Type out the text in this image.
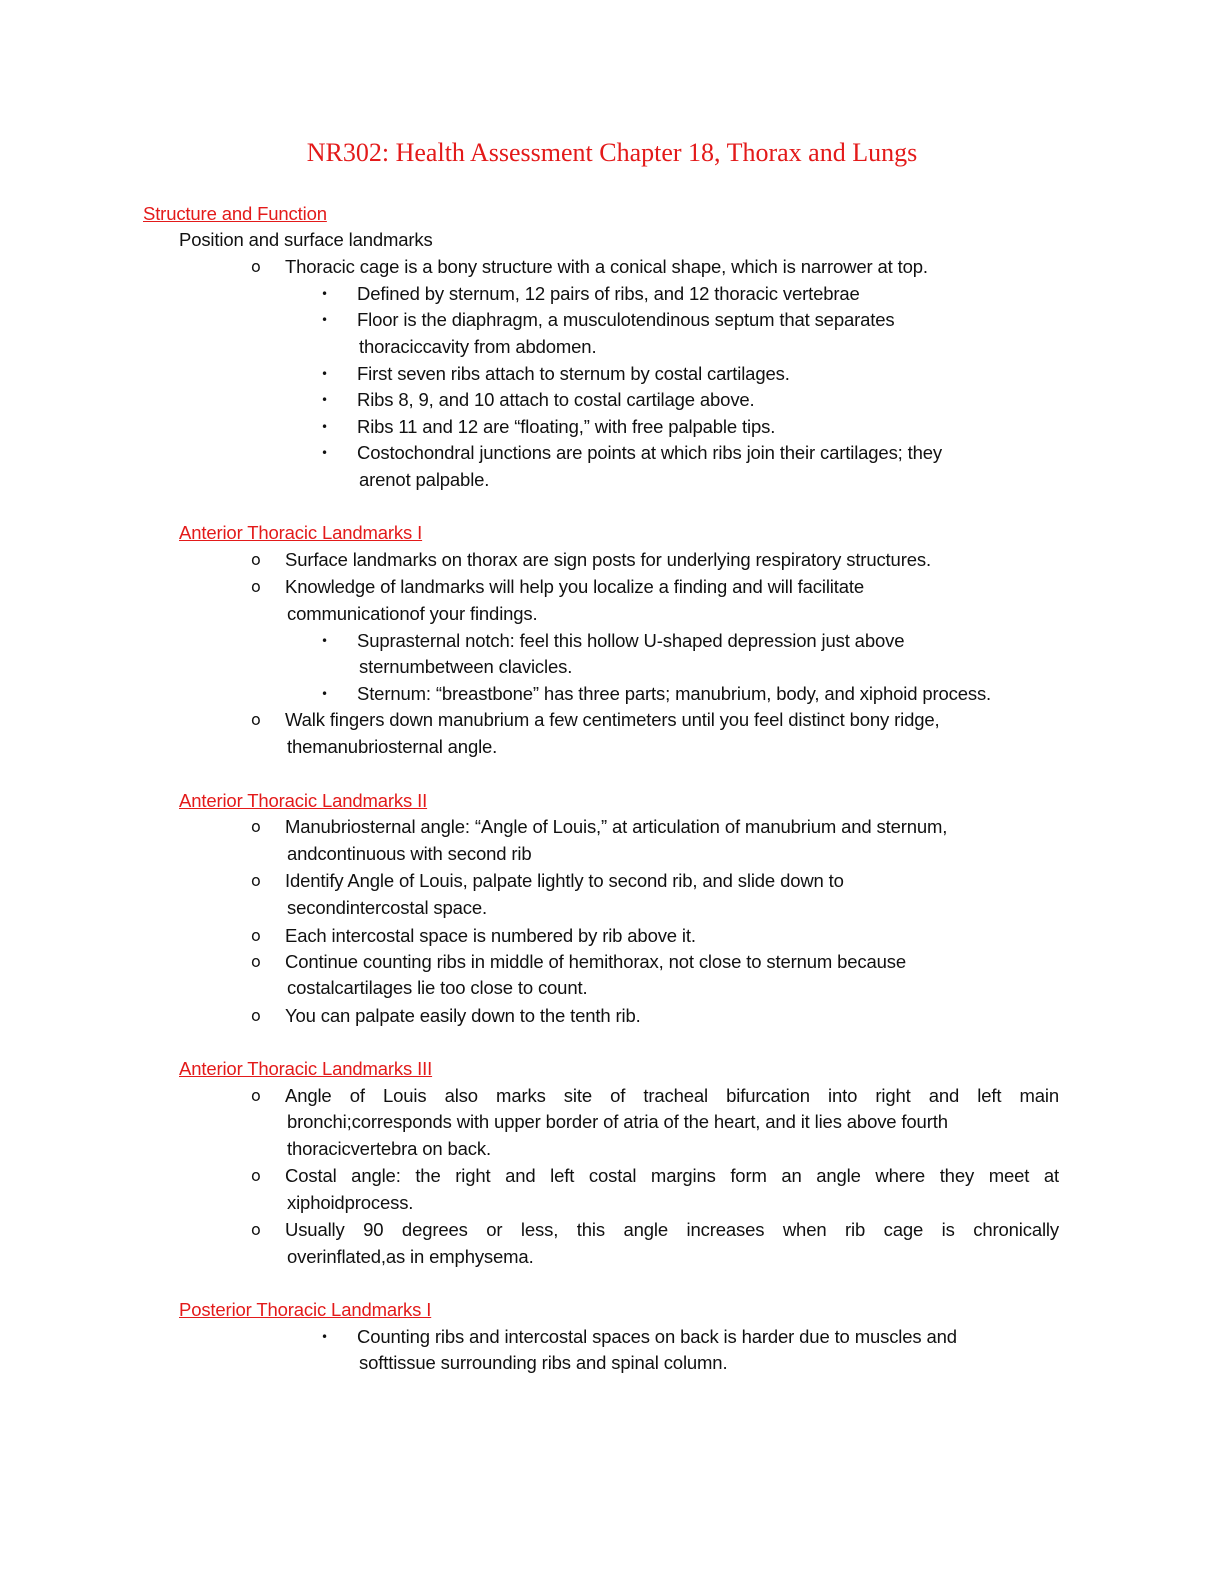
NR302: Health Assessment Chapter 18, Thorax and Lungs
Structure and Function
Position and surface landmarks
o Thoracic cage is a bony structure with a conical shape, which is narrower at top.
• Defined by sternum, 12 pairs of ribs, and 12 thoracic vertebrae
• Floor is the diaphragm, a musculotendinous septum that separates
thoraciccavity from abdomen.
• First seven ribs attach to sternum by costal cartilages.
• Ribs 8, 9, and 10 attach to costal cartilage above.
• Ribs 11 and 12 are “floating,” with free palpable tips.
• Costochondral junctions are points at which ribs join their cartilages; they
arenot palpable.
Anterior Thoracic Landmarks I
o Surface landmarks on thorax are sign posts for underlying respiratory structures.
o Knowledge of landmarks will help you localize a finding and will facilitate
communicationof your findings.
• Suprasternal notch: feel this hollow U-shaped depression just above
sternumbetween clavicles.
• Sternum: “breastbone” has three parts; manubrium, body, and xiphoid process.
o Walk fingers down manubrium a few centimeters until you feel distinct bony ridge,
themanubriosternal angle.
Anterior Thoracic Landmarks II
o Manubriosternal angle: “Angle of Louis,” at articulation of manubrium and sternum,
andcontinuous with second rib
o Identify Angle of Louis, palpate lightly to second rib, and slide down to
secondintercostal space.
o Each intercostal space is numbered by rib above it.
o Continue counting ribs in middle of hemithorax, not close to sternum because
costalcartilages lie too close to count.
o You can palpate easily down to the tenth rib.
Anterior Thoracic Landmarks III
o Angle of Louis also marks site of tracheal bifurcation into right and left main
bronchi;corresponds with upper border of atria of the heart, and it lies above fourth
thoracicvertebra on back.
o Costal angle: the right and left costal margins form an angle where they meet at
xiphoidprocess.
o Usually 90 degrees or less, this angle increases when rib cage is chronically
overinflated,as in emphysema.
Posterior Thoracic Landmarks I
• Counting ribs and intercostal spaces on back is harder due to muscles and
softtissue surrounding ribs and spinal column.
